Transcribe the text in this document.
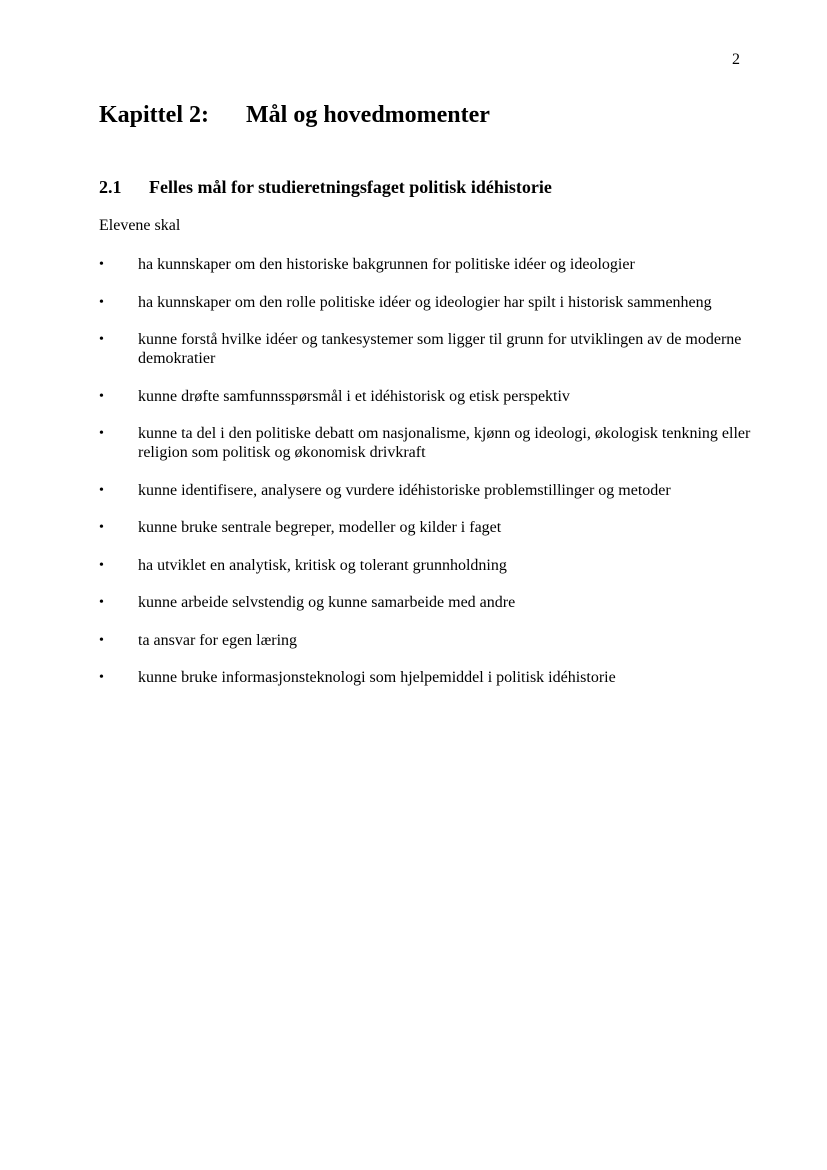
2
Kapittel 2: Mål og hovedmomenter
2.1 Felles mål for studieretningsfaget politisk idéhistorie

Elevene skal

• ha kunnskaper om den historiske bakgrunnen for politiske idéer og ideologier
• ha kunnskaper om den rolle politiske idéer og ideologier har spilt i historisk sammenheng
• kunne forstå hvilke idéer og tankesystemer som ligger til grunn for utviklingen av de moderne demokratier
• kunne drøfte samfunnsspørsmål i et idéhistorisk og etisk perspektiv
• kunne ta del i den politiske debatt om nasjonalisme, kjønn og ideologi, økologisk tenkning eller religion som politisk og økonomisk drivkraft
• kunne identifisere, analysere og vurdere idéhistoriske problemstillinger og metoder
• kunne bruke sentrale begreper, modeller og kilder i faget
• ha utviklet en analytisk, kritisk og tolerant grunnholdning
• kunne arbeide selvstendig og kunne samarbeide med andre
• ta ansvar for egen læring
• kunne bruke informasjonsteknologi som hjelpemiddel i politisk idéhistorie
